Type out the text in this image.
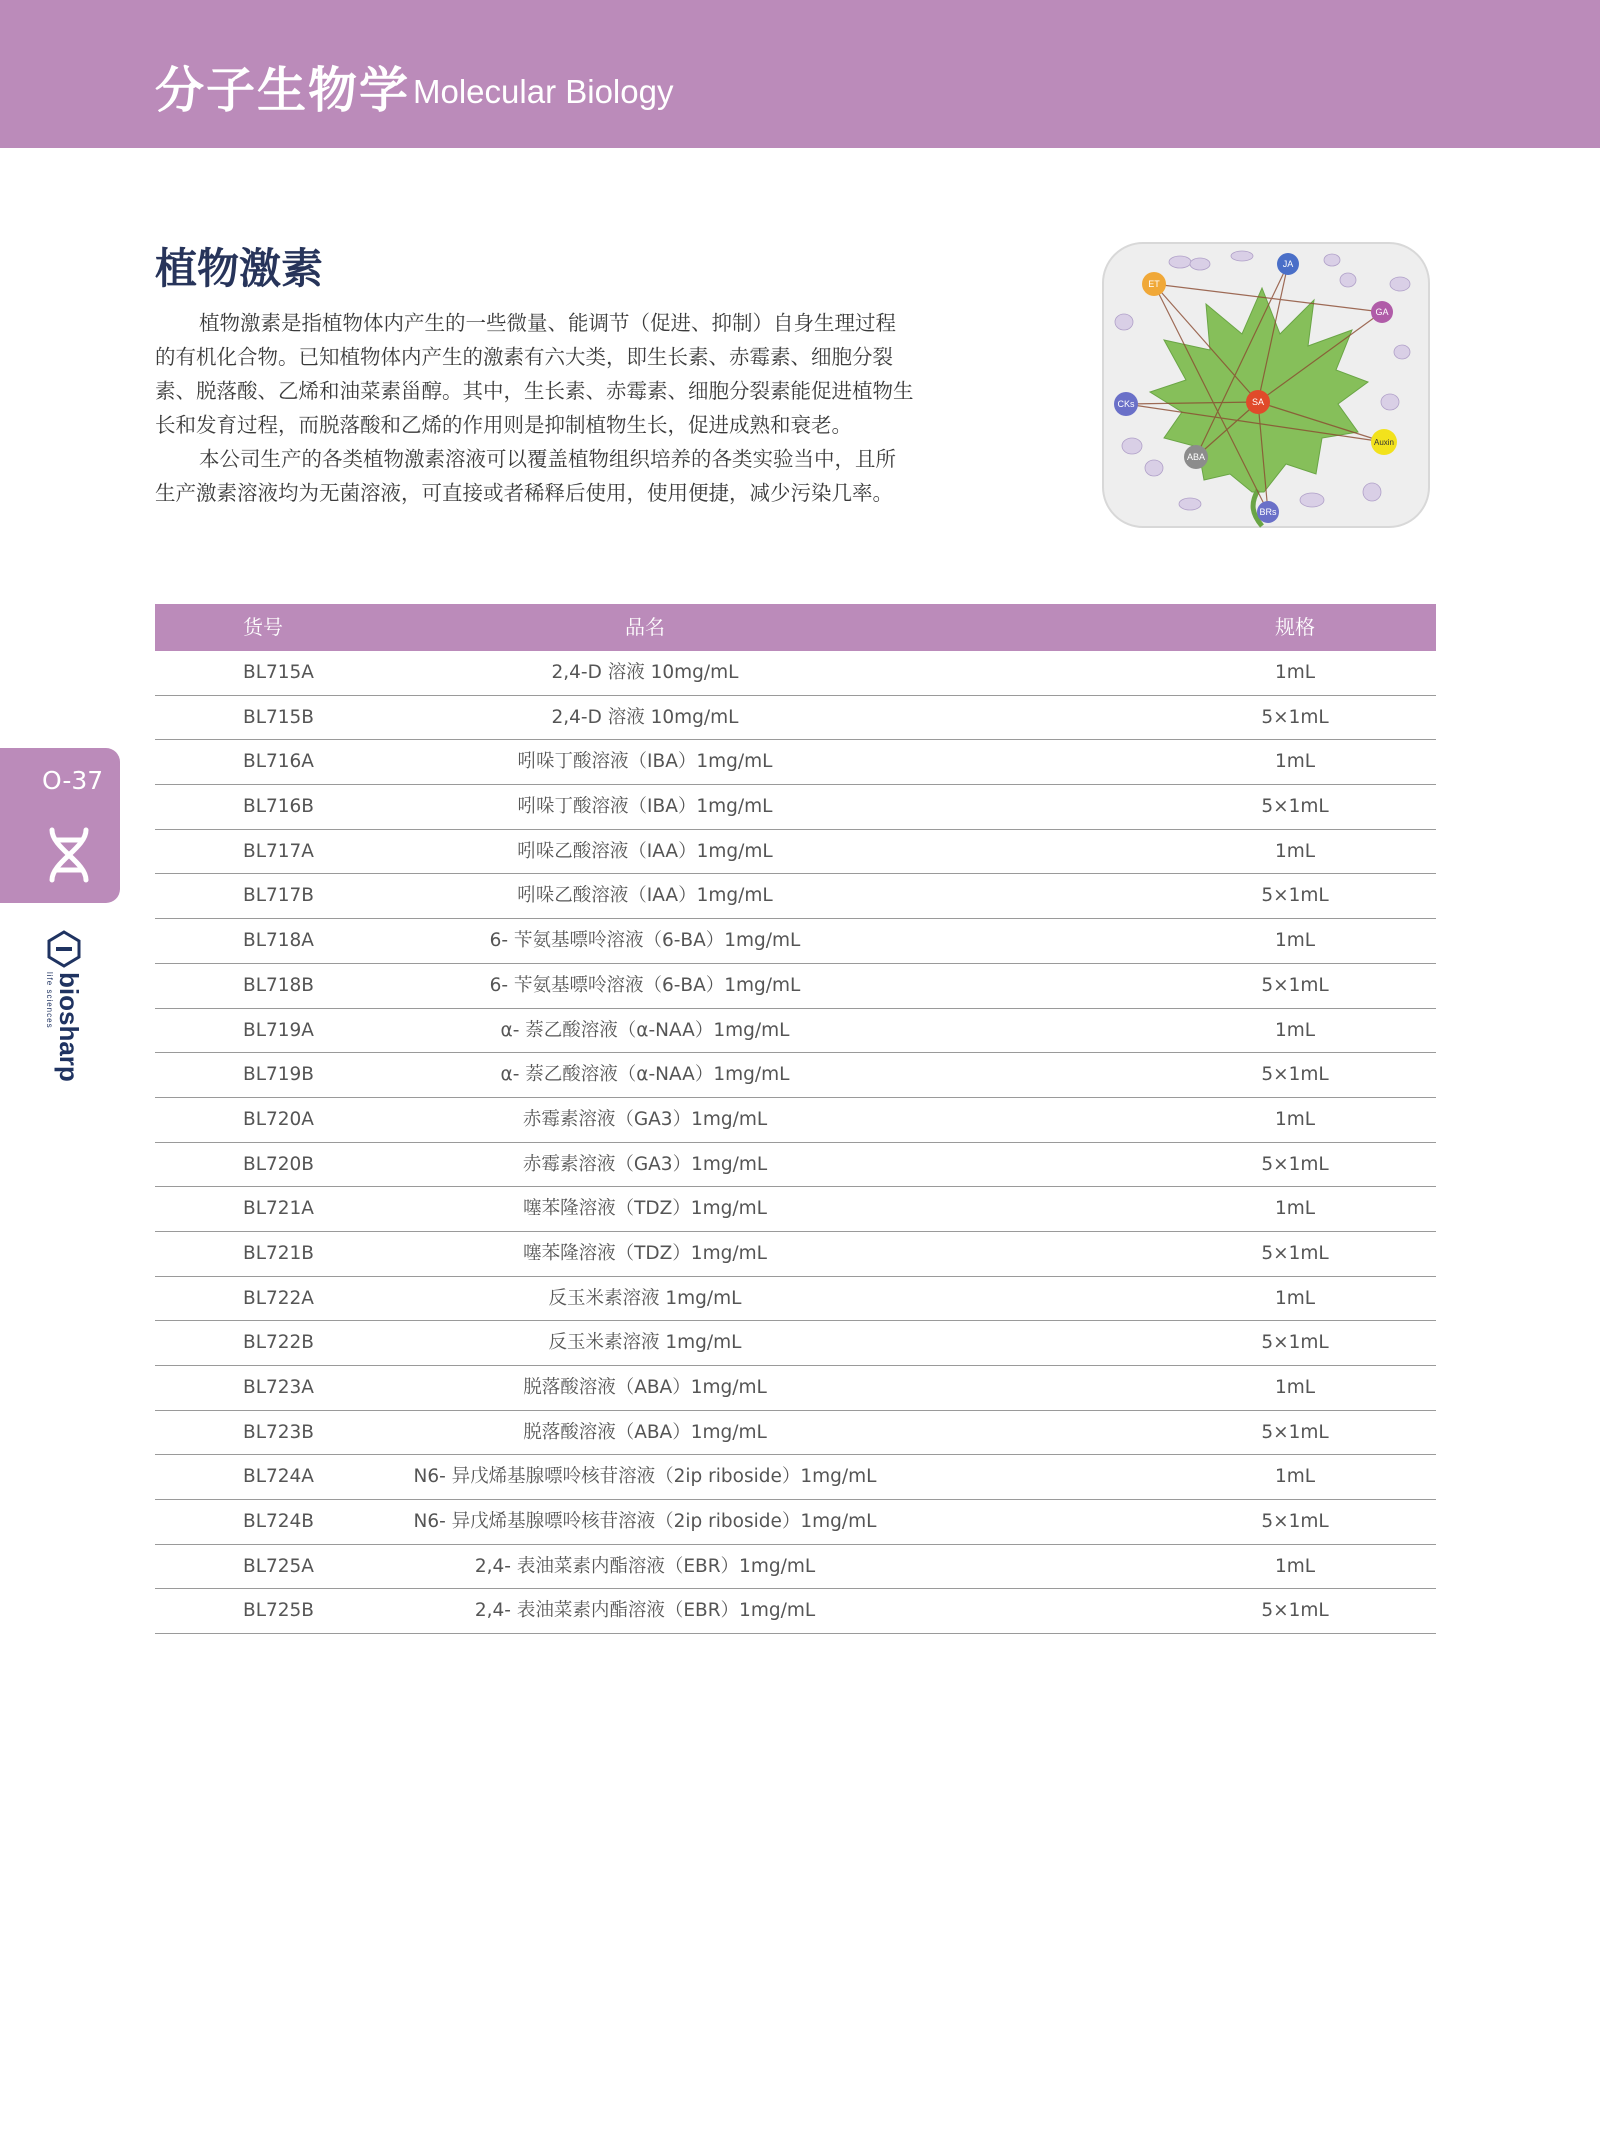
分子生物学 Molecular Biology
植物激素

植物激素是指植物体内产生的一些微量、能调节（促进、抑制）自身生理过程的有机化合物。已知植物体内产生的激素有六大类，即生长素、赤霉素、细胞分裂素、脱落酸、乙烯和油菜素甾醇。其中，生长素、赤霉素、细胞分裂素能促进植物生长和发育过程，而脱落酸和乙烯的作用则是抑制植物生长，促进成熟和衰老。

本公司生产的各类植物激素溶液可以覆盖植物组织培养的各类实验当中，且所生产激素溶液均为无菌溶液，可直接或者稀释后使用，使用便捷，减少污染几率。

JA
ET
GA
CKs	SA
ABA
Auxin
BRs
货号	品名	规格
BL715A	2,4-D 溶液 10mg/mL	1mL
BL715B	2,4-D 溶液 10mg/mL	5×1mL
BL716A	吲哚丁酸溶液（IBA）1mg/mL	1mL
BL716B	吲哚丁酸溶液（IBA）1mg/mL	5×1mL
BL717A	吲哚乙酸溶液（IAA）1mg/mL	1mL
BL717B	吲哚乙酸溶液（IAA）1mg/mL	5×1mL
BL718A	6- 苄氨基嘌呤溶液（6-BA）1mg/mL	1mL
BL718B	6- 苄氨基嘌呤溶液（6-BA）1mg/mL	5×1mL
BL719A	α- 萘乙酸溶液（α-NAA）1mg/mL	1mL
BL719B	α- 萘乙酸溶液（α-NAA）1mg/mL	5×1mL
BL720A	赤霉素溶液（GA3）1mg/mL	1mL
BL720B	赤霉素溶液（GA3）1mg/mL	5×1mL
BL721A	噻苯隆溶液（TDZ）1mg/mL	1mL
BL721B	噻苯隆溶液（TDZ）1mg/mL	5×1mL
BL722A	反玉米素溶液 1mg/mL	1mL
BL722B	反玉米素溶液 1mg/mL	5×1mL
BL723A	脱落酸溶液（ABA）1mg/mL	1mL
BL723B	脱落酸溶液（ABA）1mg/mL	5×1mL
BL724A	N6- 异戊烯基腺嘌呤核苷溶液（2ip riboside）1mg/mL	1mL
BL724B	N6- 异戊烯基腺嘌呤核苷溶液（2ip riboside）1mg/mL	5×1mL
BL725A	2,4- 表油菜素内酯溶液（EBR）1mg/mL	1mL
BL725B	2,4- 表油菜素内酯溶液（EBR）1mg/mL	5×1mL
O-37
biosharp
life sciences
